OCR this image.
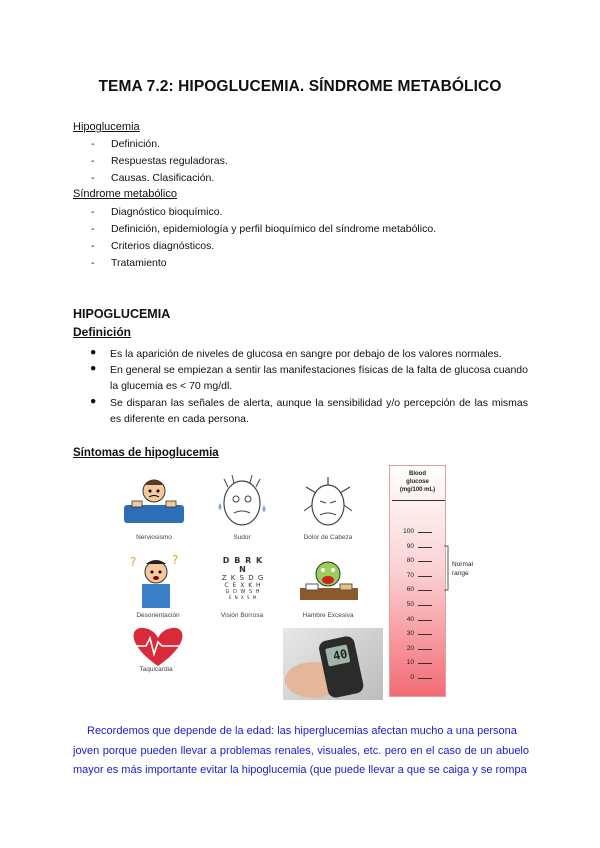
TEMA 7.2: HIPOGLUCEMIA. SÍNDROME METABÓLICO
Hipoglucemia
- Definición.
- Respuestas reguladoras.
- Causas. Clasificación.
Síndrome metabólico
- Diagnóstico bioquímico.
- Definición, epidemiología y perfil bioquímico del síndrome metabólico.
- Criterios diagnósticos.
- Tratamiento
HIPOGLUCEMIA
Definición
● Es la aparición de niveles de glucosa en sangre por debajo de los valores normales.
● En general se empiezan a sentir las manifestaciones físicas de la falta de glucosa cuando la glucemia es < 70 mg/dl.
● Se disparan las señales de alerta, aunque la sensibilidad y/o percepción de las mismas es diferente en cada persona.
Síntomas de hipoglucemia
Nerviosismo	Sudor	Dolor de Cabeza
?	?
Desorientación
D B R K N
Z K S D G
C E X K H
G D W S H
E N X S M
Visión Borrosa	Hambre Excesiva
Taquicardia
40
Blood
glucose
(mg/100 mL)
100
90
80
70
60
50
40
30
20
10
0
Normal
range
Recordemos que depende de la edad: las hiperglucemias afectan mucho a una persona
joven porque pueden llevar a problemas renales, visuales, etc. pero en el caso de un abuelo mayor es más importante evitar la hipoglucemia (que puede llevar a que se caiga y se rompa
